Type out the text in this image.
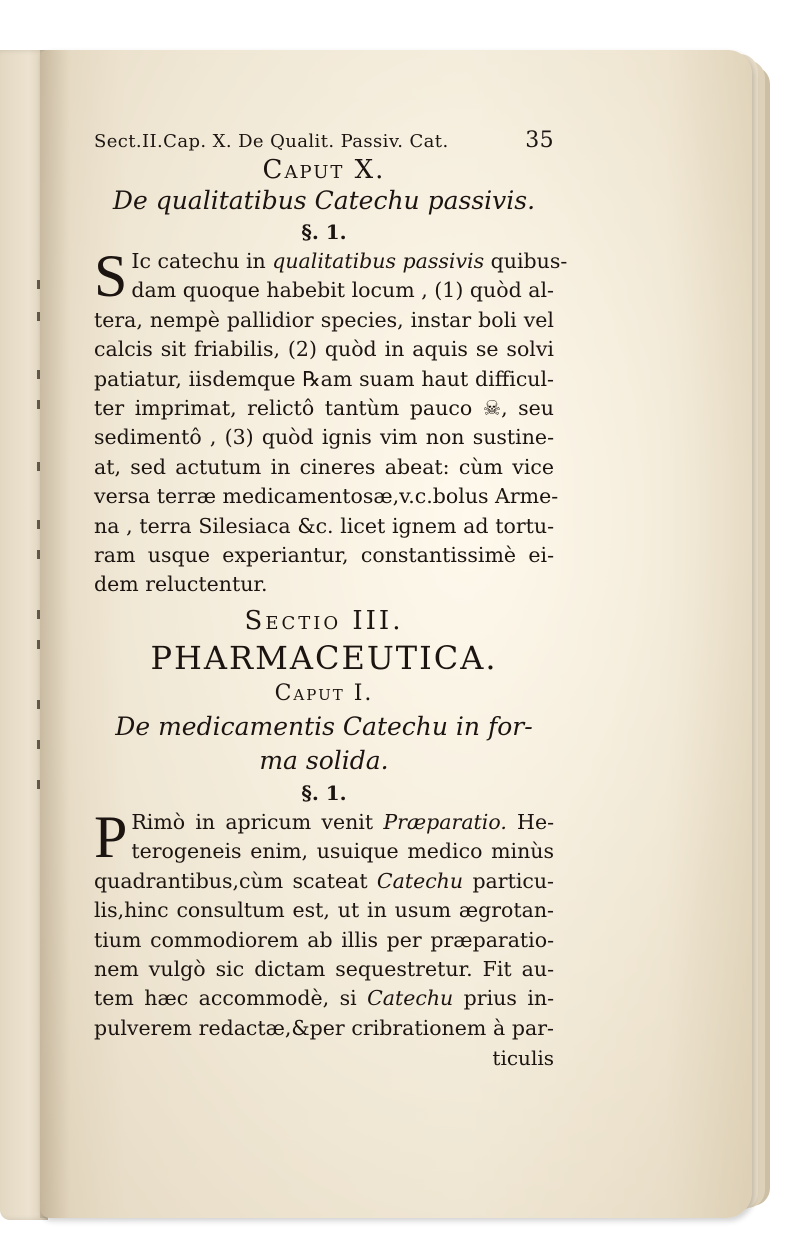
Sect.II.Cap. X. De Qualit. Passiv. Cat.	35
Caput X.
De qualitatibus Catechu passivis.
§. 1.
S Ic catechu in qualitatibus passivis quibus-
dam quoque habebit locum , (1) quòd al-
tera, nempè pallidior species, instar boli vel
calcis sit friabilis, (2) quòd in aquis se solvi
patiatur, iisdemque ℞am suam haut difficul-
ter imprimat, relictô tantùm pauco ☠, seu
sedimentô , (3) quòd ignis vim non sustine-
at, sed actutum in cineres abeat: cùm vice
versa terræ medicamentosæ,v.c.bolus Arme-
na , terra Silesiaca &c. licet ignem ad tortu-
ram usque experiantur, constantissimè ei-
dem reluctentur.
Sectio III.
PHARMACEUTICA.
Caput I.
De medicamentis Catechu in for-
ma solida.
§. 1.
P Rimò in apricum venit Præparatio. He-
terogeneis enim, usuique medico minùs
quadrantibus,cùm scateat Catechu particu-
lis,hinc consultum est, ut in usum ægrotan-
tium commodiorem ab illis per præparatio-
nem vulgò sic dictam sequestretur. Fit au-
tem hæc accommodè, si Catechu prius in-
pulverem redactæ,&per cribrationem à par-
ticulis
